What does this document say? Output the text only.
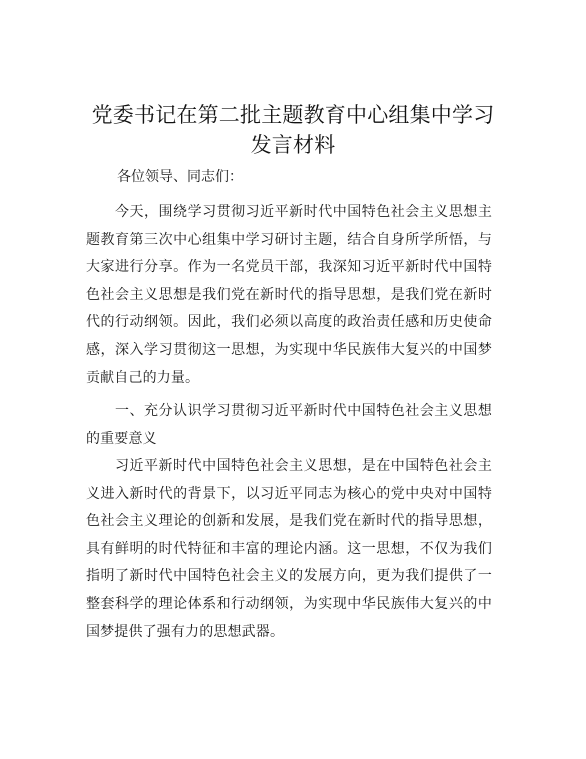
党委书记在第二批主题教育中心组集中学习发言材料
各位领导、同志们：
今天，围绕学习贯彻习近平新时代中国特色社会主义思想主题教育第三次中心组集中学习研讨主题，结合自身所学所悟，与大家进行分享。作为一名党员干部，我深知习近平新时代中国特色社会主义思想是我们党在新时代的指导思想，是我们党在新时代的行动纲领。因此，我们必须以高度的政治责任感和历史使命感，深入学习贯彻这一思想，为实现中华民族伟大复兴的中国梦贡献自己的力量。
一、充分认识学习贯彻习近平新时代中国特色社会主义思想的重要意义
习近平新时代中国特色社会主义思想，是在中国特色社会主义进入新时代的背景下，以习近平同志为核心的党中央对中国特色社会主义理论的创新和发展，是我们党在新时代的指导思想，具有鲜明的时代特征和丰富的理论内涵。这一思想，不仅为我们指明了新时代中国特色社会主义的发展方向，更为我们提供了一整套科学的理论体系和行动纲领，为实现中华民族伟大复兴的中国梦提供了强有力的思想武器。
